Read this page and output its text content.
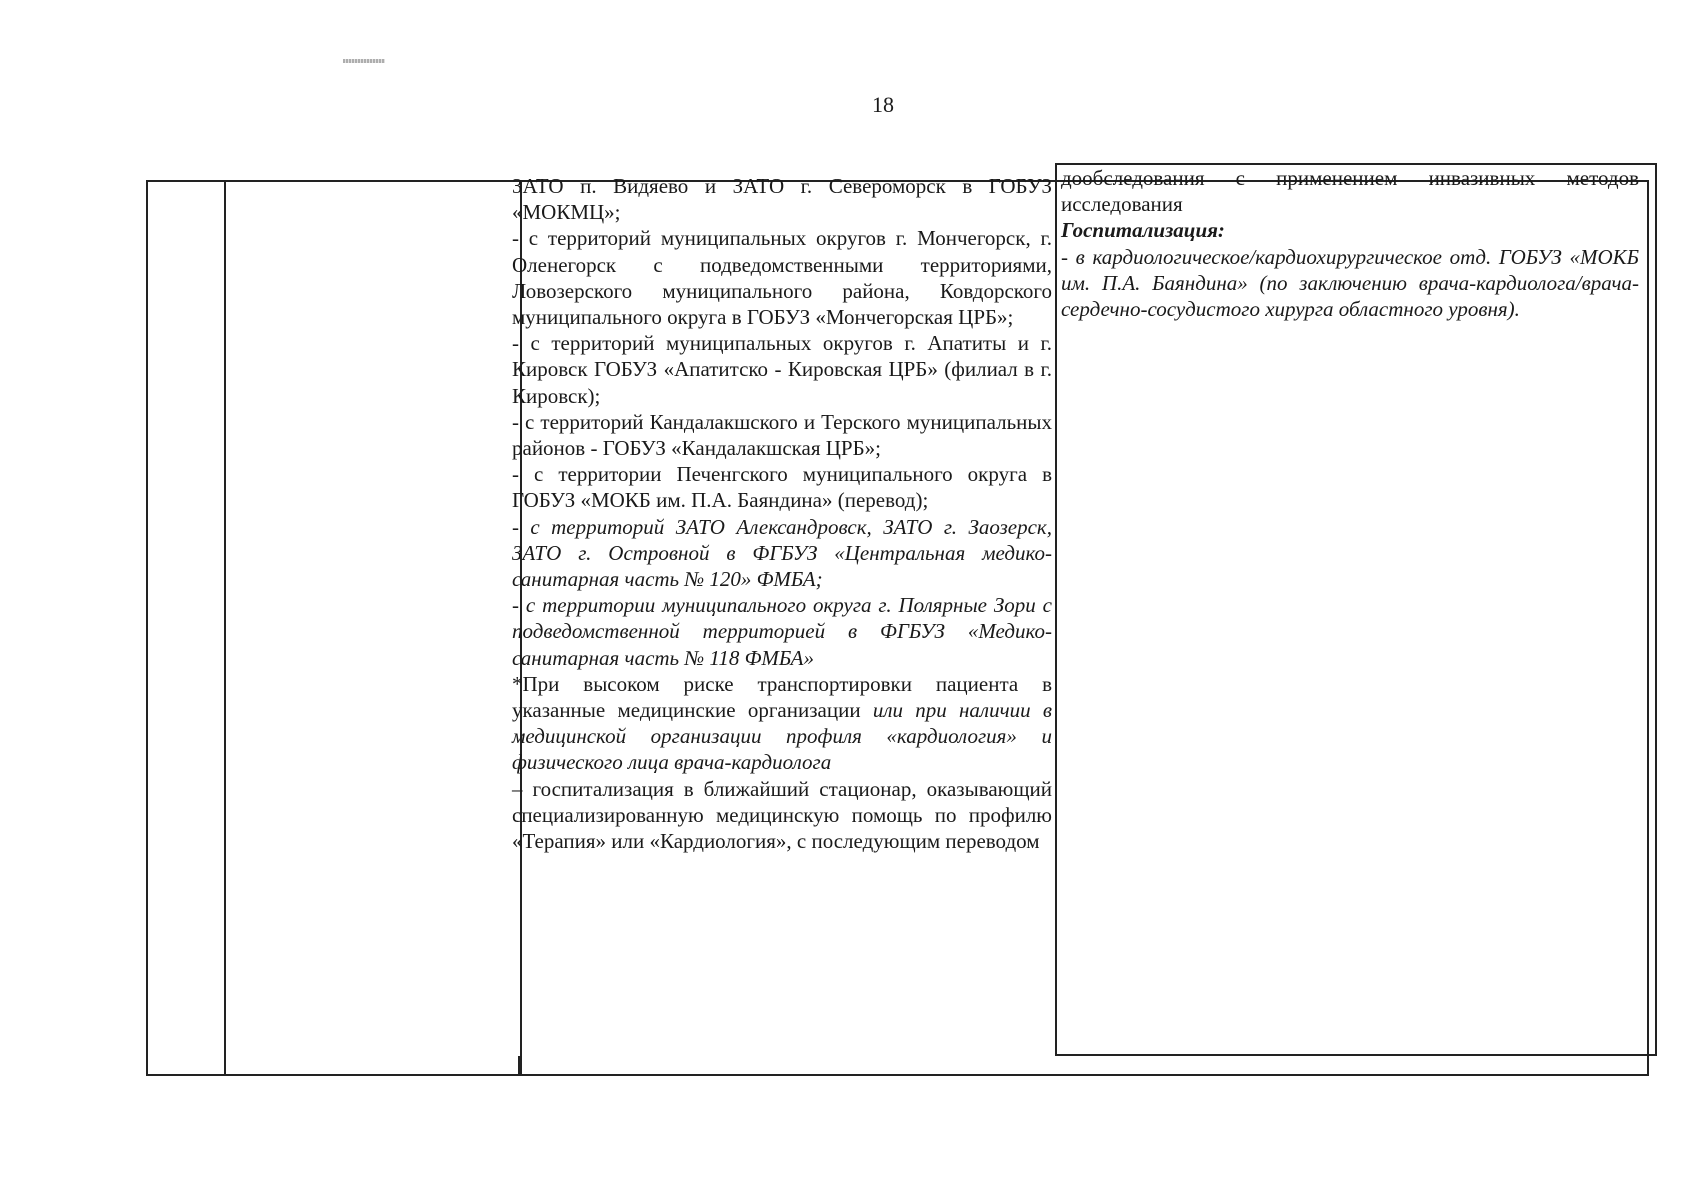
18

ЗАТО п. Видяево и ЗАТО г. Североморск в ГОБУЗ «МОКМЦ»;

- с территорий муниципальных округов г. Мончегорск, г. Оленегорск с подведомственными территориями, Ловозерского муниципального района, Ковдорского муниципального округа в ГОБУЗ «Мончегорская ЦРБ»;

- с территорий муниципальных округов г. Апатиты и г. Кировск ГОБУЗ «Апатитско - Кировская ЦРБ» (филиал в г. Кировск);

- с территорий Кандалакшского и Терского муниципальных районов - ГОБУЗ «Кандалакшская ЦРБ»;

- с территории Печенгского муниципального округа в ГОБУЗ «МОКБ им. П.А. Баяндина» (перевод);

- с территорий ЗАТО Александровск, ЗАТО г. Заозерск, ЗАТО г. Островной в ФГБУЗ «Центральная медико-санитарная часть № 120» ФМБА;

- с территории муниципального округа г. Полярные Зори с подведомственной территорией в ФГБУЗ «Медико-санитарная часть № 118 ФМБА»

*При высоком риске транспортировки пациента в указанные медицинские организации или при наличии в медицинской организации профиля «кардиология» и физического лица врача-кардиолога

– госпитализация в ближайший стационар, оказывающий специализированную медицинскую помощь по профилю «Терапия» или «Кардиология», с последующим переводом

дообследования с применением инвазивных методов исследования

Госпитализация:

- в кардиологическое/кардиохирургическое отд. ГОБУЗ «МОКБ им. П.А. Баяндина» (по заключению врача-кардиолога/врача- сердечно-сосудистого хирурга областного уровня).
